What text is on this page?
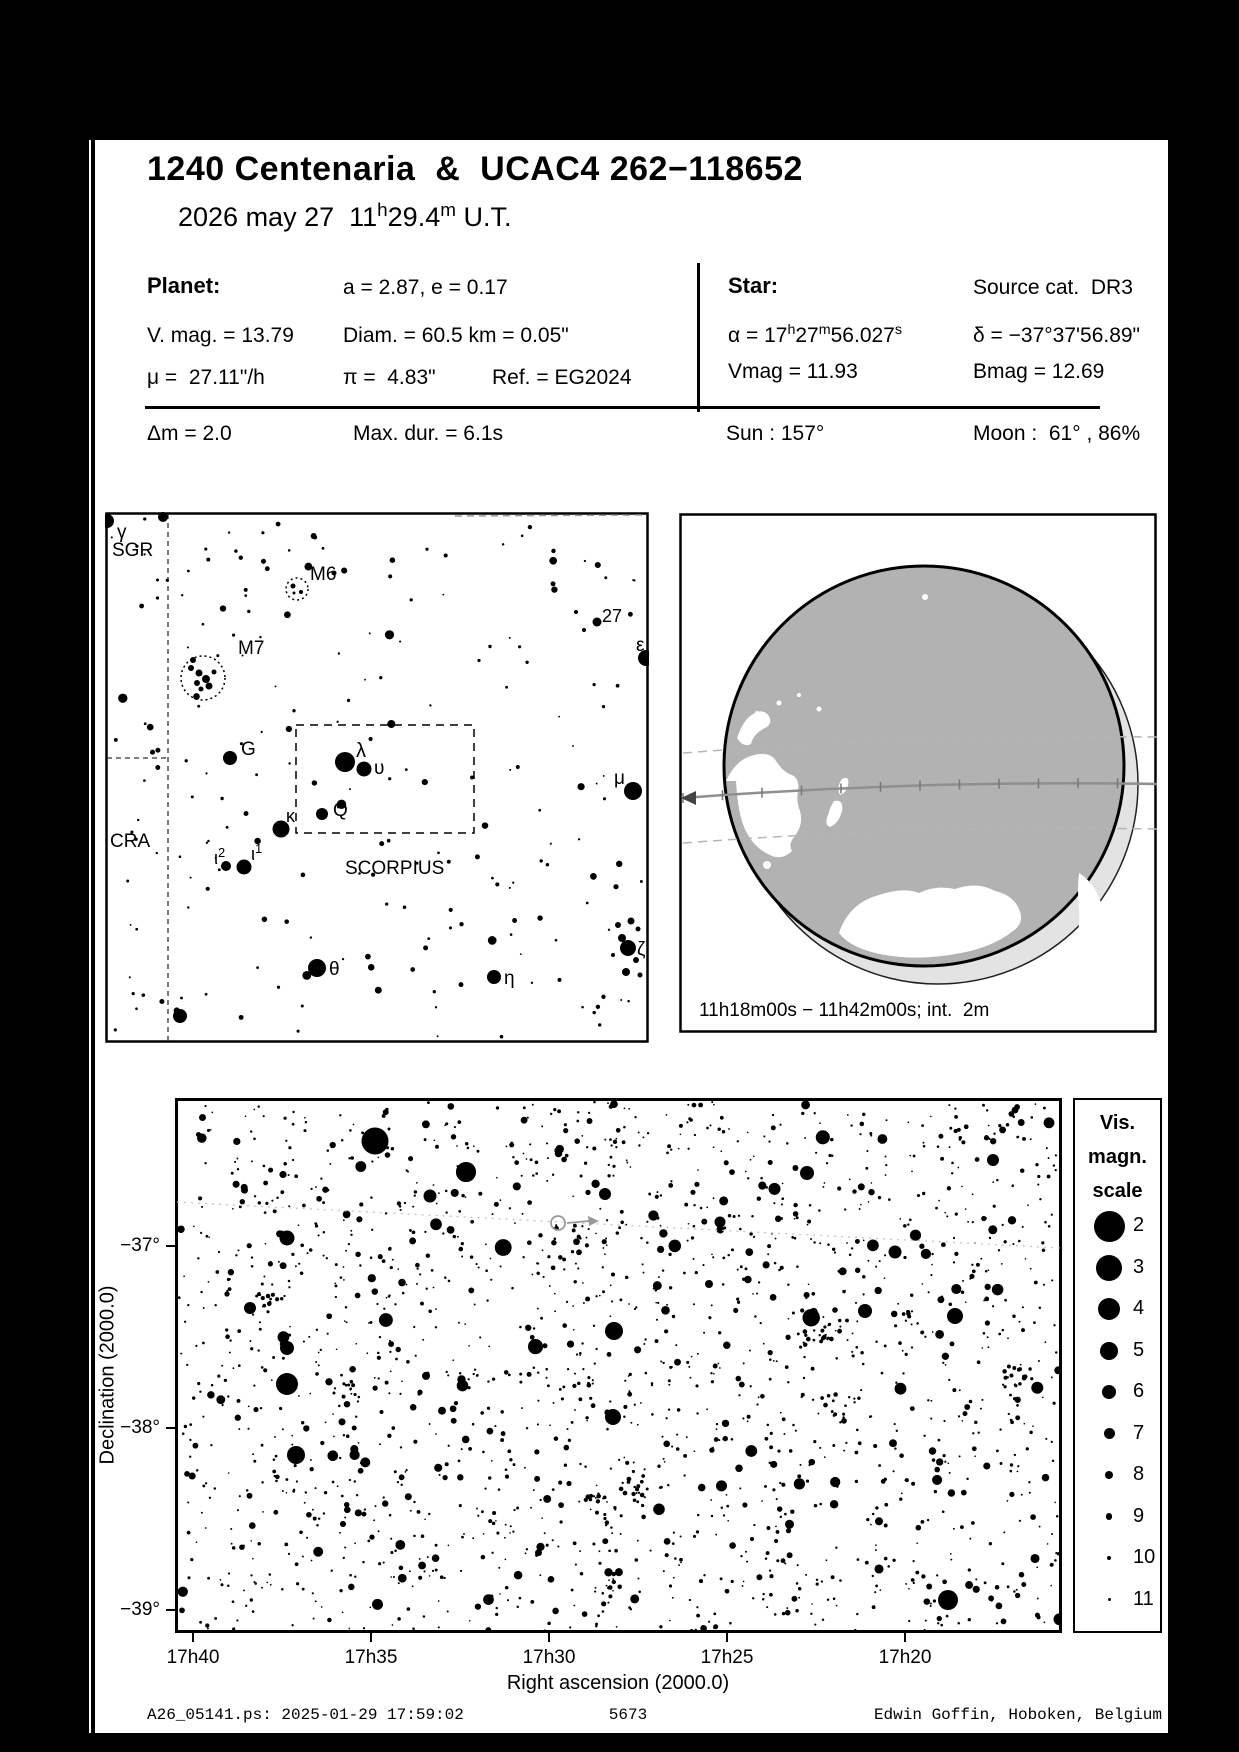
1240 Centenaria  &  UCAC4 262−118652
2026 may 27  11$^h$29.4$^m$ U.T.
Planet:	a = 2.87, e = 0.17
V. mag. = 13.79 Diam. = 60.5 km = 0.05"
μ =  27.11"/h	π =  4.83"	Ref. = EG2024
Star:	Source cat.  DR3
$\alpha = 17^h27^m56.027^s$	δ = −37°37'56.89"
Vmag = 11.93	Bmag = 12.69
Δm = 2.0	Max. dur. = 6.1s	Sun : 157°	Moon :  61° , 86%
γ
SGR
M6
M7
27
ε
G	λ
υ	μ
Q
κ
CRA
$\iota^2$ $\iota^1$
SCORPIUS
θ	η
ζ
11h18m00s − 11h42m00s; int.  2m
−37°
−38°
−39°
17h40	17h35	17h30	17h25	17h20
Right ascension (2000.0)
Declination (2000.0)
Vis.
magn.
scale
2
3
4
5
6
7
8
9
10
11
A26_05141.ps: 2025-01-29 17:59:02	5673	Edwin Goffin, Hoboken, Belgium
